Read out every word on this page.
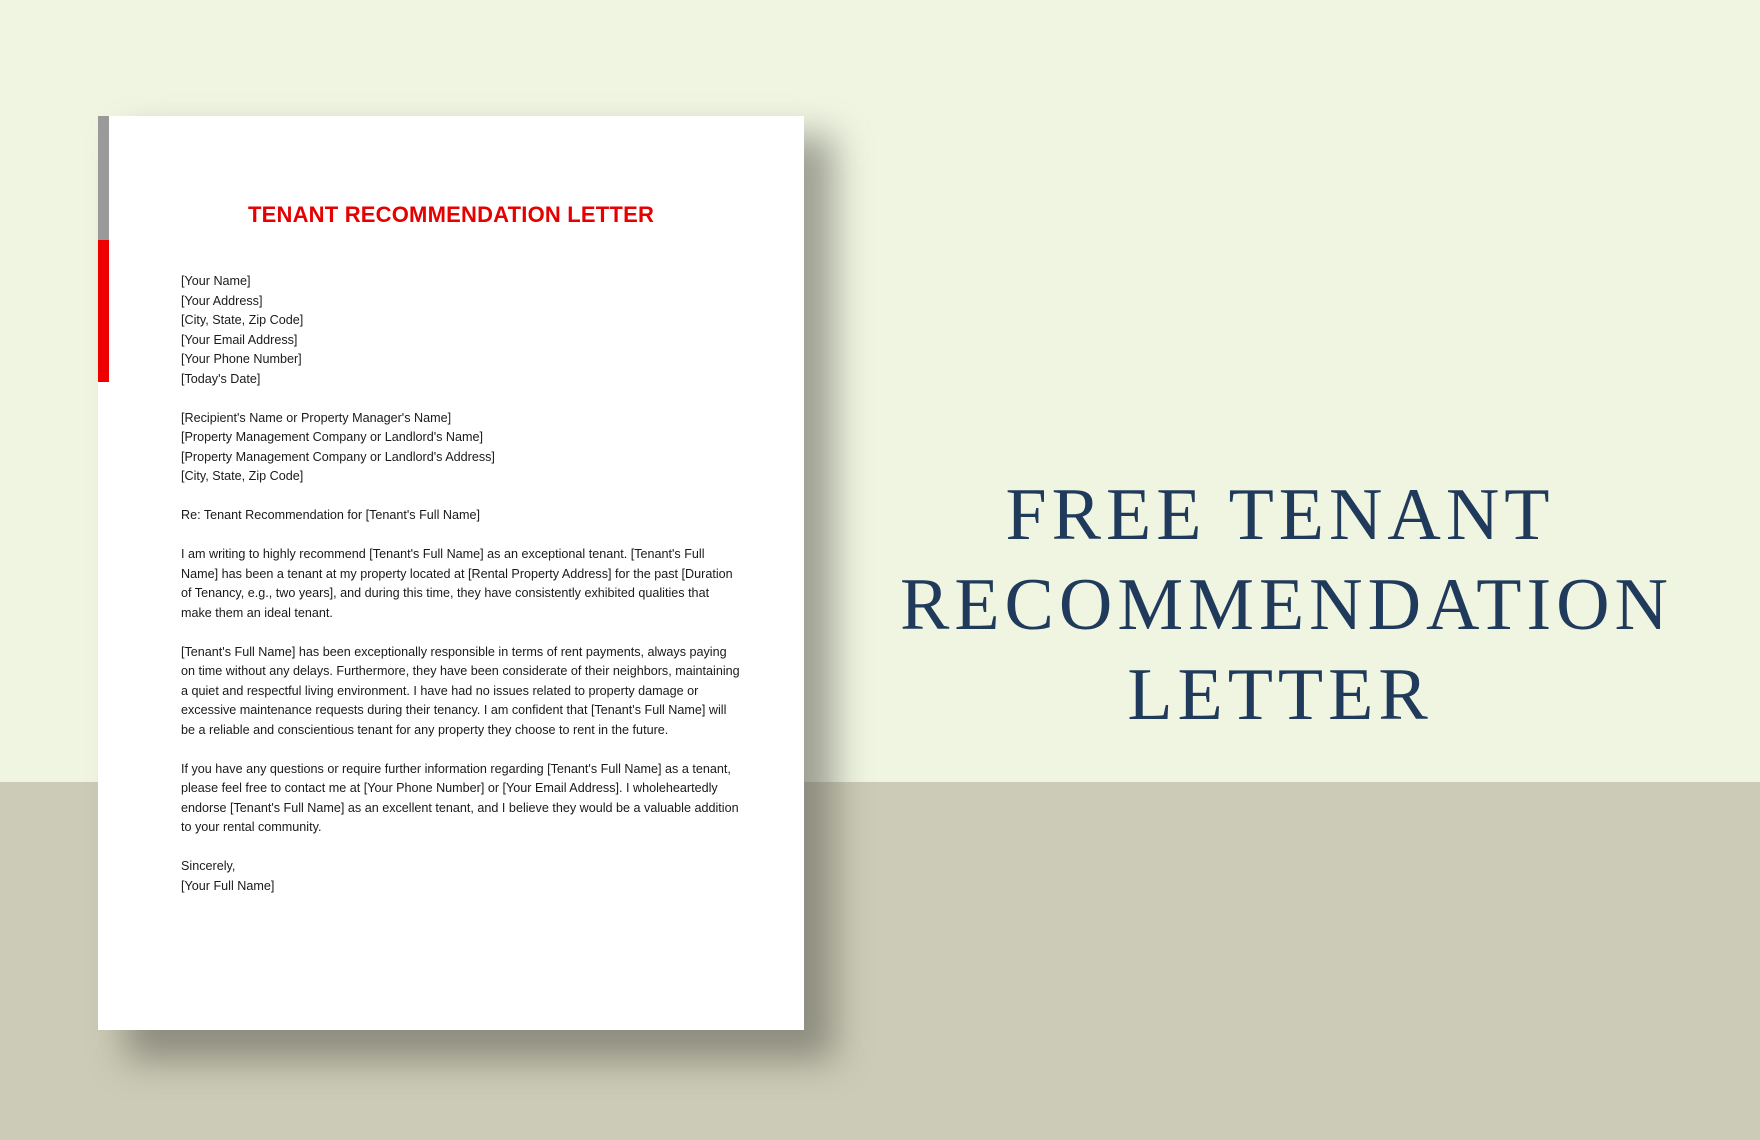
TENANT RECOMMENDATION LETTER
[Your Name]
[Your Address]
[City, State, Zip Code]
[Your Email Address]
[Your Phone Number]
[Today's Date]
[Recipient's Name or Property Manager's Name]
[Property Management Company or Landlord's Name]
[Property Management Company or Landlord's Address]
[City, State, Zip Code]
Re: Tenant Recommendation for [Tenant's Full Name]
I am writing to highly recommend [Tenant's Full Name] as an exceptional tenant. [Tenant's Full Name] has been a tenant at my property located at [Rental Property Address] for the past [Duration of Tenancy, e.g., two years], and during this time, they have consistently exhibited qualities that make them an ideal tenant.
[Tenant's Full Name] has been exceptionally responsible in terms of rent payments, always paying on time without any delays. Furthermore, they have been considerate of their neighbors, maintaining a quiet and respectful living environment. I have had no issues related to property damage or excessive maintenance requests during their tenancy. I am confident that [Tenant's Full Name] will be a reliable and conscientious tenant for any property they choose to rent in the future.
If you have any questions or require further information regarding [Tenant's Full Name] as a tenant, please feel free to contact me at [Your Phone Number] or [Your Email Address]. I wholeheartedly endorse [Tenant's Full Name] as an excellent tenant, and I believe they would be a valuable addition to your rental community.
Sincerely,
[Your Full Name]
FREE TENANT
RECOMMENDATION
LETTER
